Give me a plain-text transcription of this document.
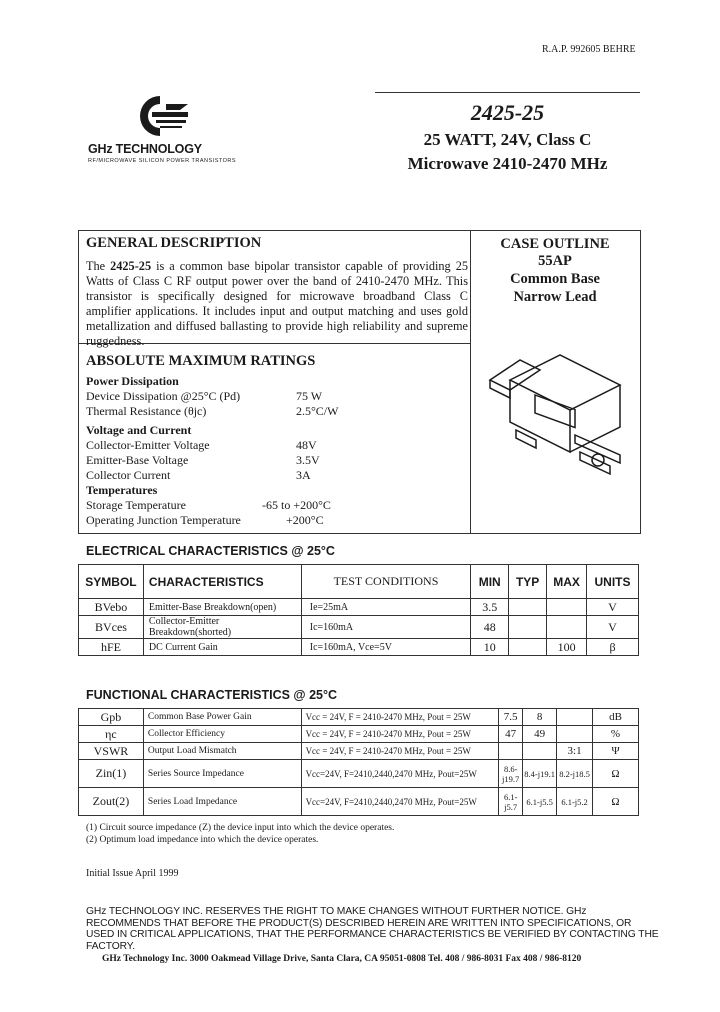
R.A.P. 992605 BEHRE
GHz TECHNOLOGY
RF/MICROWAVE SILICON POWER TRANSISTORS
2425-25
25 WATT, 24V, Class C
Microwave 2410-2470 MHz
GENERAL DESCRIPTION
The 2425-25 is a common base bipolar transistor capable of providing 25 Watts of Class C RF output power over the band of 2410-2470 MHz. This transistor is specifically designed for microwave broadband Class C amplifier applications. It includes input and output matching and uses gold metallization and diffused ballasting to provide high reliability and supreme ruggedness.
CASE OUTLINE
55AP
Common Base
Narrow Lead
ABSOLUTE MAXIMUM RATINGS
Power Dissipation
Device Dissipation @25°C (Pd)	75 W
Thermal Resistance (θjc)	2.5°C/W
Voltage and Current
Collector-Emitter Voltage	48V
Emitter-Base Voltage	3.5V
Collector Current	3A
Temperatures
Storage Temperature	-65 to +200°C
Operating Junction Temperature	+200°C
ELECTRICAL CHARACTERISTICS @ 25°C
SYMBOL	CHARACTERISTICS	TEST CONDITIONS	MIN	TYP	MAX	UNITS
BVebo	Emitter-Base Breakdown(open)	Ie=25mA	3.5			V
BVces	Collector-Emitter Breakdown(shorted)	Ic=160mA	48			V
hFE	DC Current Gain	Ic=160mA, Vce=5V	10		100	β
FUNCTIONAL CHARACTERISTICS @ 25°C
Gpb	Common Base Power Gain	Vcc = 24V, F = 2410-2470 MHz, Pout = 25W	7.5	8		dB
ηc	Collector Efficiency	Vcc = 24V, F = 2410-2470 MHz, Pout = 25W	47	49		%
VSWR	Output Load Mismatch	Vcc = 24V, F = 2410-2470 MHz, Pout = 25W			3:1	Ψ
Zin(1)	Series Source Impedance	Vcc=24V, F=2410,2440,2470 MHz, Pout=25W	8.6-j19.7	8.4-j19.1	8.2-j18.5	Ω
Zout(2)	Series Load Impedance	Vcc=24V, F=2410,2440,2470 MHz, Pout=25W	6.1-j5.7	6.1-j5.5	6.1-j5.2	Ω
(1) Circuit source impedance (Z) the device input into which the device operates.
(2) Optimum load impedance into which the device operates.
Initial Issue April 1999
GHz TECHNOLOGY INC. RESERVES THE RIGHT TO MAKE CHANGES WITHOUT FURTHER NOTICE. GHz RECOMMENDS THAT BEFORE THE PRODUCT(S) DESCRIBED HEREIN ARE WRITTEN INTO SPECIFICATIONS, OR USED IN CRITICAL APPLICATIONS, THAT THE PERFORMANCE CHARACTERISTICS BE VERIFIED BY CONTACTING THE FACTORY.
GHz Technology Inc. 3000 Oakmead Village Drive, Santa Clara, CA 95051-0808 Tel. 408 / 986-8031 Fax 408 / 986-8120
